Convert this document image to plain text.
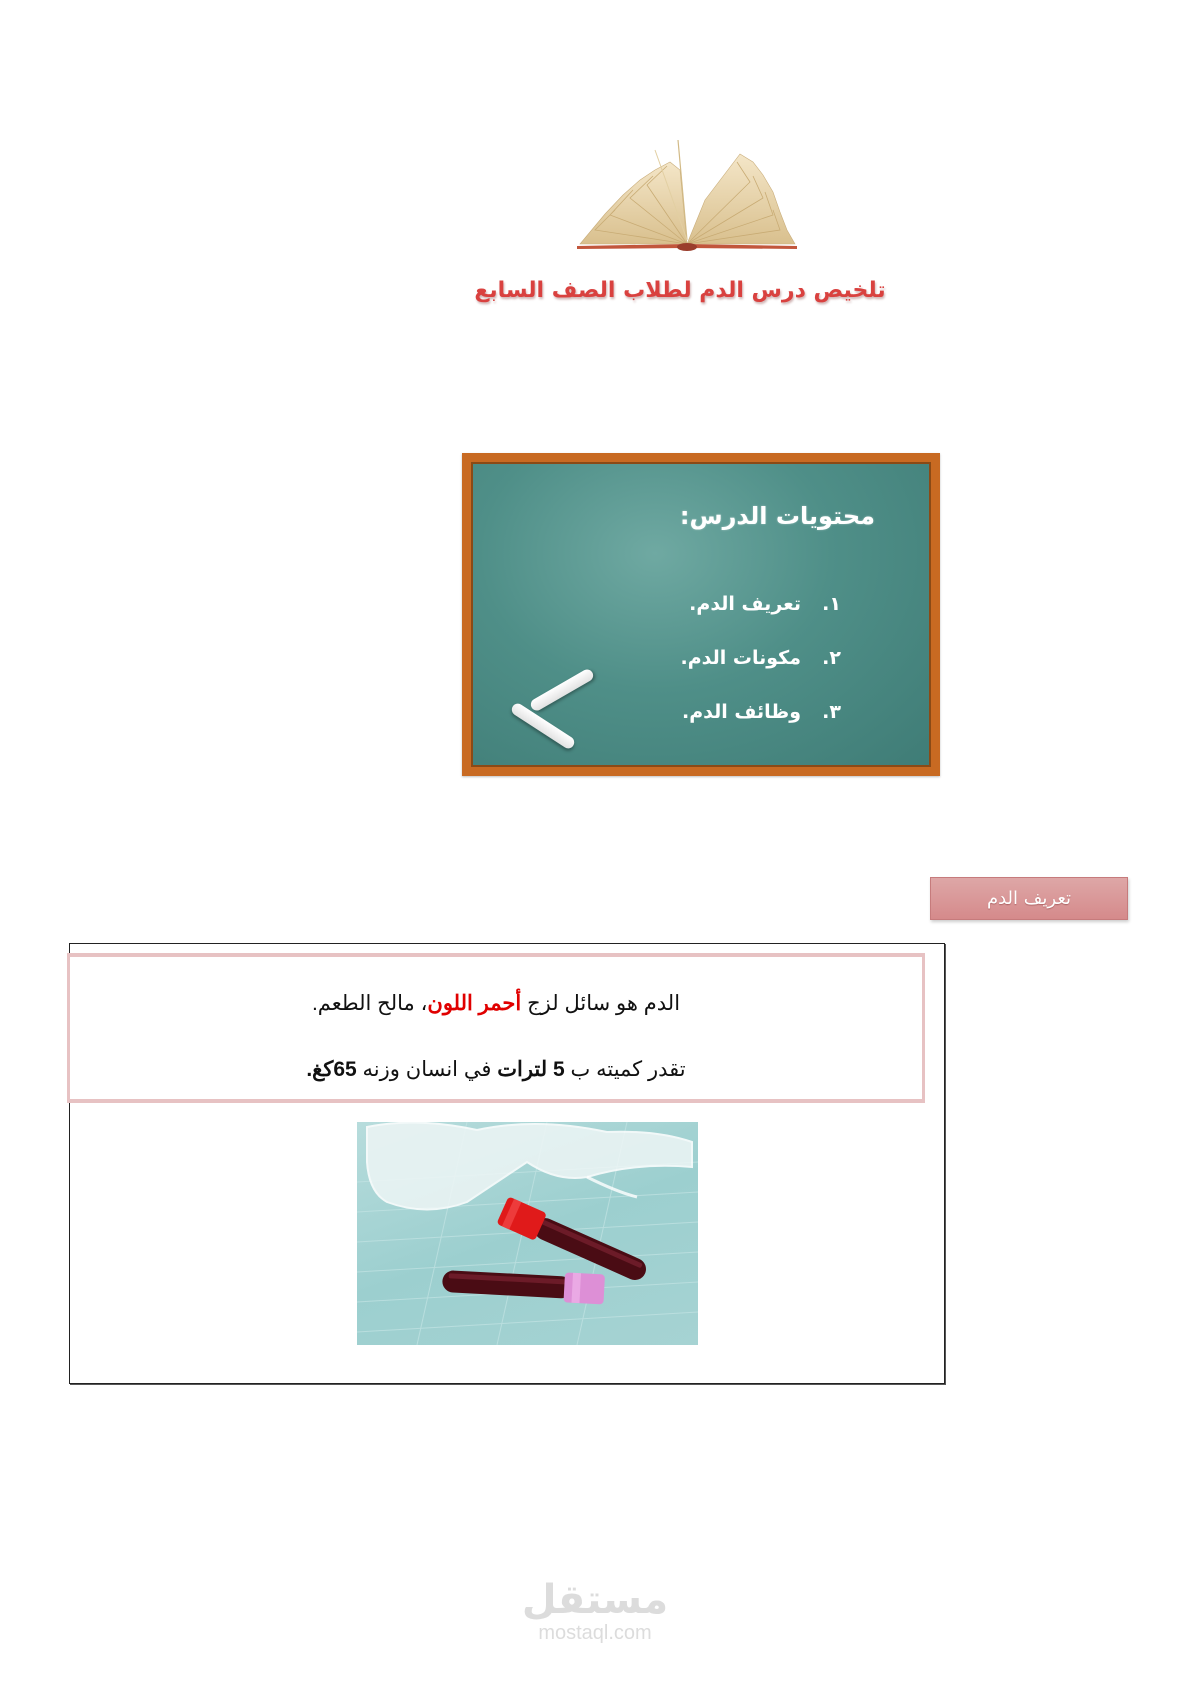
تلخيص درس الدم لطلاب الصف السابع
محتويات الدرس:
١.
تعريف الدم.
٢.
مكونات الدم.
٣.
وظائف الدم.
تعريف الدم
الدم هو سائل لزج أحمر اللون، مالح الطعم.
تقدر كميته ب 5 لترات في انسان وزنه 65كغ.
مستقل
mostaql.com
